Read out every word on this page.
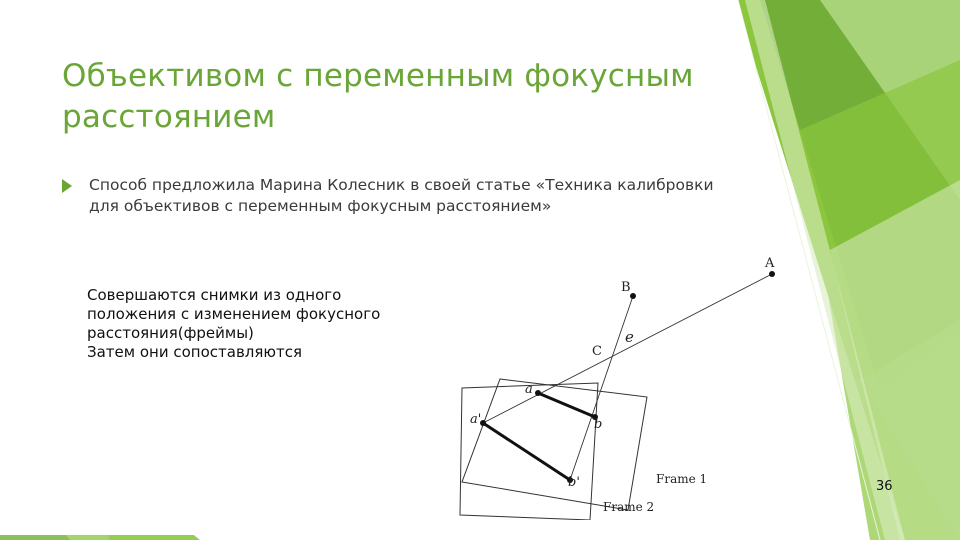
Объективом с переменным фокусным расстоянием
Способ предложила Марина Колесник в своей статье «Техника калибровки для объективов с переменным фокусным расстоянием»
Совершаются снимки из одного
положения с изменением фокусного
расстояния(фреймы)
Затем они сопоставляются
A
B
C
e
a
b
a'
b'	Frame 1
Frame 2
36
